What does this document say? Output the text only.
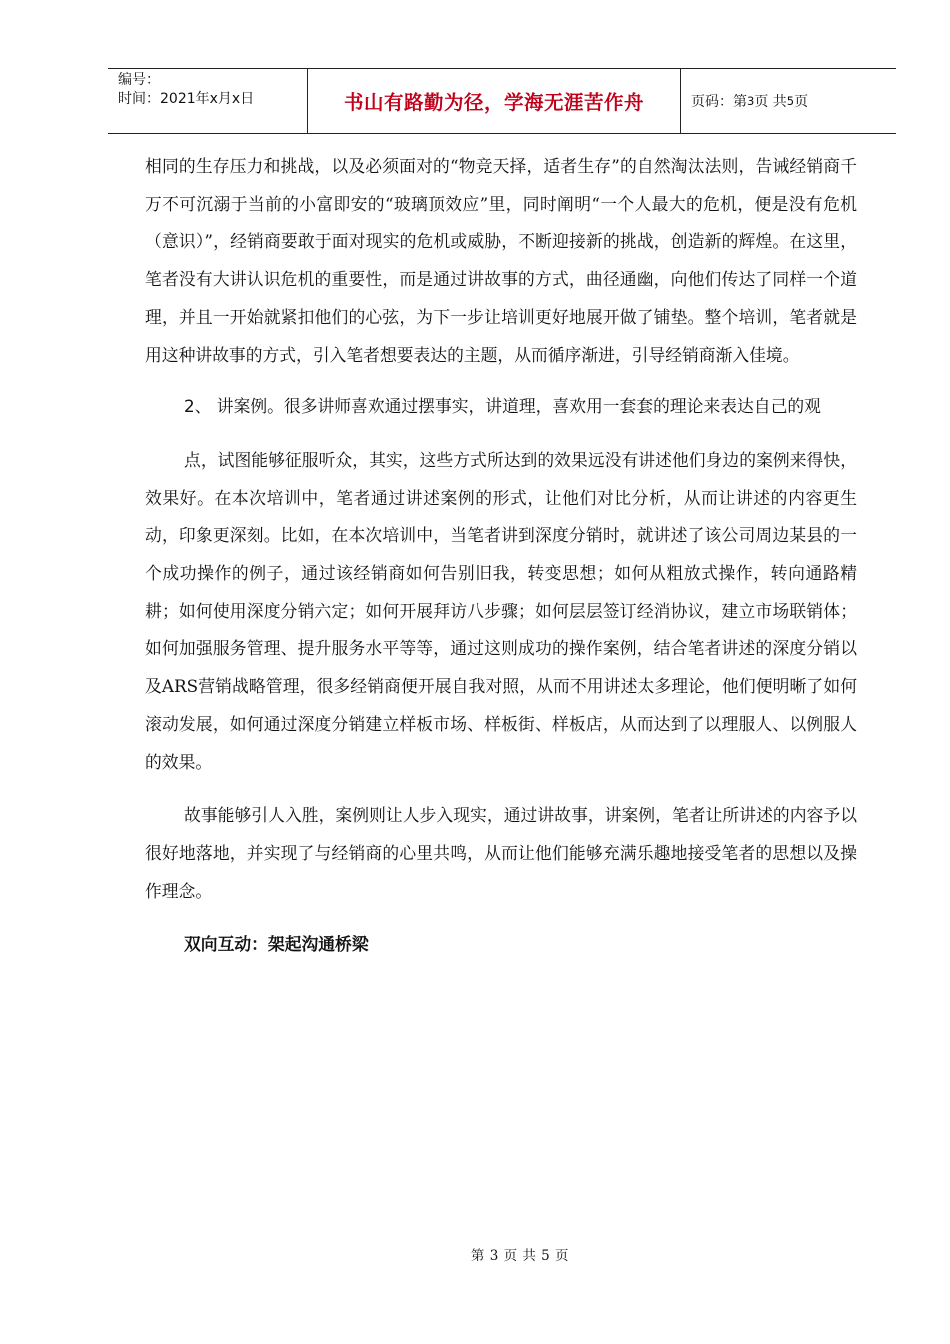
编号：
时间：2021年x月x日	书山有路勤为径，学海无涯苦作舟	页码：第 3 页 共 5 页

相同的生存压力和挑战，以及必须面对的“物竞天择，适者生存”的自然淘汰法则，告诫经销商千万不可沉溺于当前的小富即安的“玻璃顶效应”里，同时阐明“一个人最大的危机，便是没有危机（意识）”，经销商要敢于面对现实的危机或威胁，不断迎接新的挑战，创造新的辉煌。在这里，笔者没有大讲认识危机的重要性，而是通过讲故事的方式，曲径通幽，向他们传达了同样一个道理，并且一开始就紧扣他们的心弦，为下一步让培训更好地展开做了铺垫。整个培训，笔者就是用这种讲故事的方式，引入笔者想要表达的主题，从而循序渐进，引导经销商渐入佳境。

2、 讲案例。很多讲师喜欢通过摆事实，讲道理，喜欢用一套套的理论来表达自己的观

点，试图能够征服听众，其实，这些方式所达到的效果远没有讲述他们身边的案例来得快，效果好。在本次培训中，笔者通过讲述案例的形式，让他们对比分析，从而让讲述的内容更生动，印象更深刻。比如，在本次培训中，当笔者讲到深度分销时，就讲述了该公司周边某县的一个成功操作的例子，通过该经销商如何告别旧我，转变思想；如何从粗放式操作，转向通路精耕；如何使用深度分销六定；如何开展拜访八步骤；如何层层签订经消协议，建立市场联销体；如何加强服务管理、提升服务水平等等，通过这则成功的操作案例，结合笔者讲述的深度分销以及ARS营销战略管理，很多经销商便开展自我对照，从而不用讲述太多理论，他们便明晰了如何滚动发展，如何通过深度分销建立样板市场、样板街、样板店，从而达到了以理服人、以例服人的效果。

故事能够引人入胜，案例则让人步入现实，通过讲故事，讲案例，笔者让所讲述的内容予以很好地落地，并实现了与经销商的心里共鸣，从而让他们能够充满乐趣地接受笔者的思想以及操作理念。

双向互动：架起沟通桥梁

第 3 页 共 5 页
